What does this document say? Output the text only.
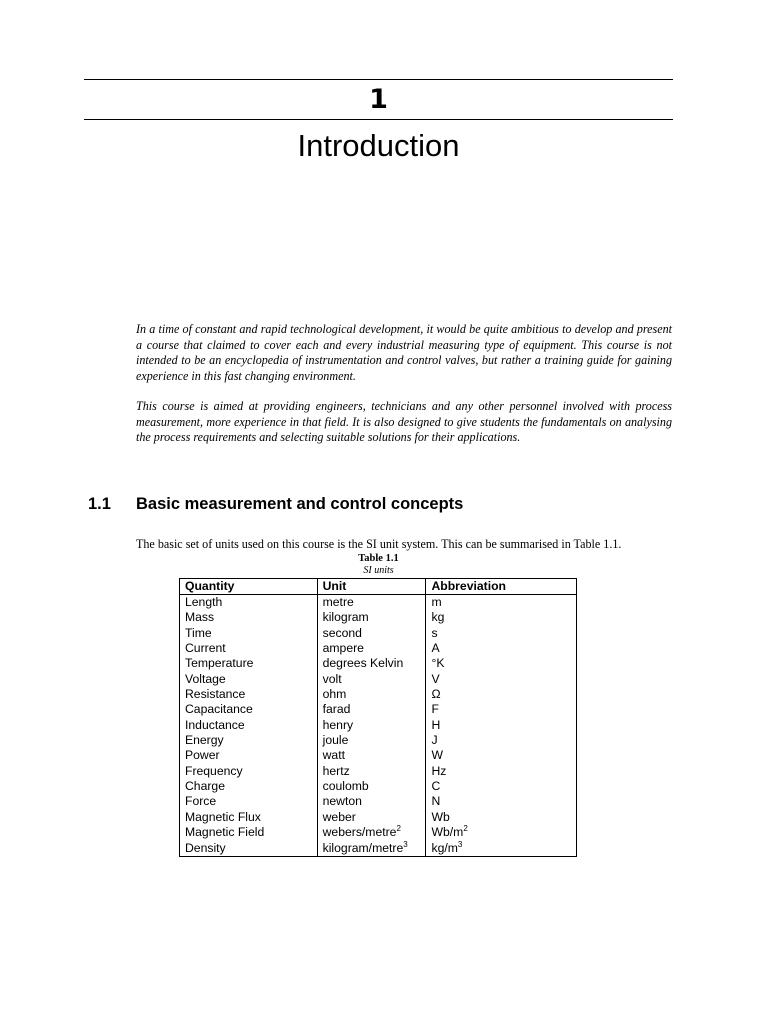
1
Introduction

In a time of constant and rapid technological development, it would be quite ambitious to develop and present a course that claimed to cover each and every industrial measuring type of equipment. This course is not intended to be an encyclopedia of instrumentation and control valves, but rather a training guide for gaining experience in this fast changing environment.

This course is aimed at providing engineers, technicians and any other personnel involved with process measurement, more experience in that field. It is also designed to give students the fundamentals on analysing the process requirements and selecting suitable solutions for their applications.

1.1 Basic measurement and control concepts
The basic set of units used on this course is the SI unit system. This can be summarised in Table 1.1.
Table 1.1
SI units
Quantity	Unit	Abbreviation
Length	metre	m
Mass	kilogram	kg
Time	second	s
Current	ampere	A
Temperature	degrees Kelvin	°K
Voltage	volt	V
Resistance	ohm	Ω
Capacitance	farad	F
Inductance	henry	H
Energy	joule	J
Power	watt	W
Frequency	hertz	Hz
Charge	coulomb	C
Force	newton	N
Magnetic Flux	weber	Wb
Magnetic Field	webers/metre$^2$	$Wb/m^2$
Density	kilogram/metre$^3$	$kg/m^3$
